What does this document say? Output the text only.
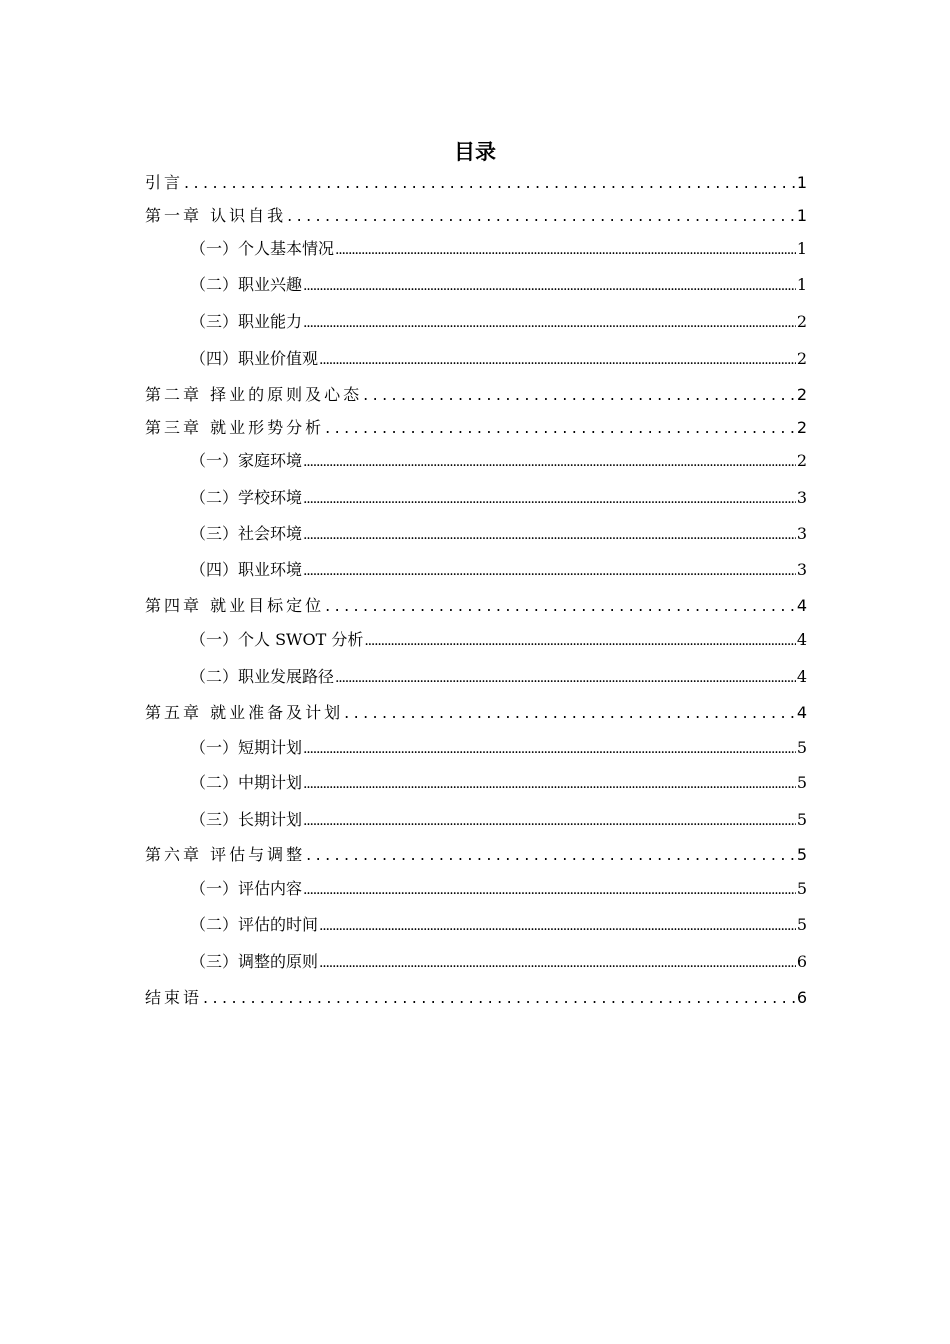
目录
引言 .....	1
第一章 认识自我 .....	1
（一）个人基本情况 .....	1
（二）职业兴趣 .....	1
（三）职业能力 .....	2
（四）职业价值观 .....	2
第二章 择业的原则及心态 .....	2
第三章 就业形势分析 .....	2
（一）家庭环境 .....	2
（二）学校环境 .....	3
（三）社会环境 .....	3
（四）职业环境 .....	3
第四章 就业目标定位 .....	4
（一）个人 SWOT 分析 .....	4
（二）职业发展路径 .....	4
第五章 就业准备及计划 .....	4
（一）短期计划 .....	5
（二）中期计划 .....	5
（三）长期计划 .....	5
第六章 评估与调整 .....	5
（一）评估内容 .....	5
（二）评估的时间 .....	5
（三）调整的原则 .....	6
结束语 .....	6
